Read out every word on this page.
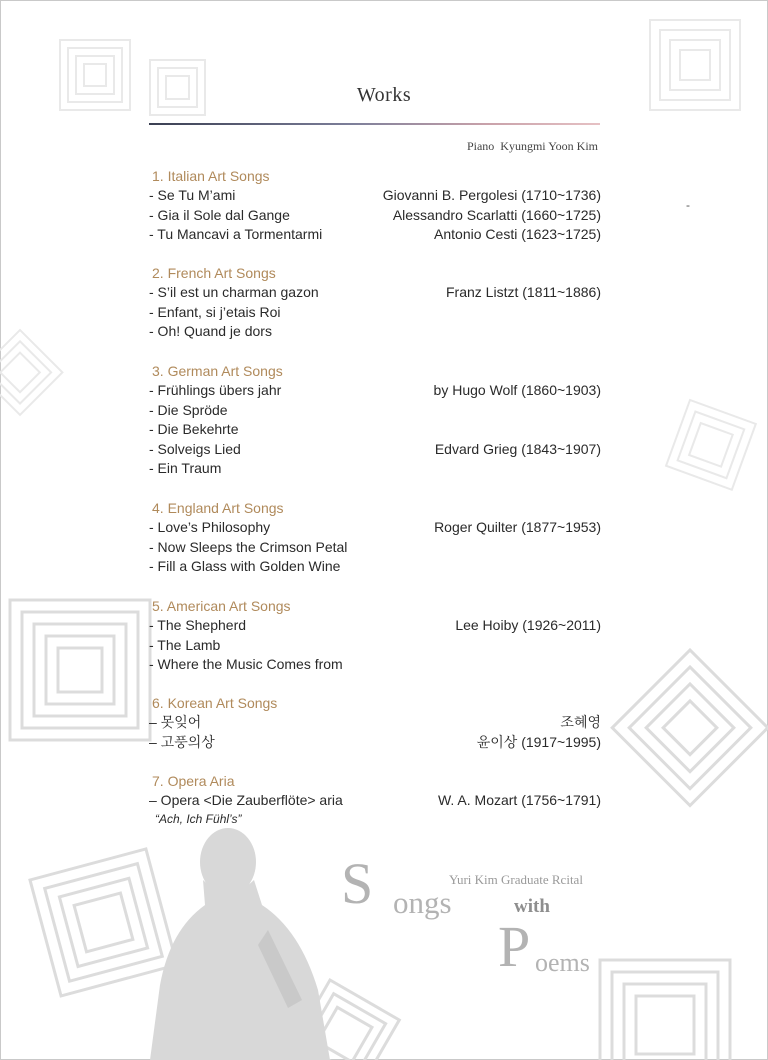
Works
Piano  Kyungmi Yoon Kim
-
1. Italian Art Songs
- Se Tu M’ami	Giovanni B. Pergolesi (1710~1736)
- Gia il Sole dal Gange	Alessandro Scarlatti (1660~1725)
- Tu Mancavi a Tormentarmi	Antonio Cesti (1623~1725)
2. French Art Songs
- S’il est un charman gazon	Franz Listzt (1811~1886)
- Enfant, si j’etais Roi
- Oh! Quand je dors
3. German Art Songs
- Frühlings übers jahr	by Hugo Wolf (1860~1903)
- Die Spröde
- Die Bekehrte
- Solveigs Lied	Edvard Grieg (1843~1907)
- Ein Traum
4. England Art Songs
- Love’s Philosophy	Roger Quilter (1877~1953)
- Now Sleeps the Crimson Petal
- Fill a Glass with Golden Wine
5. American Art Songs
- The Shepherd	Lee Hoiby (1926~2011)
- The Lamb
- Where the Music Comes from
6. Korean Art Songs
– 못잊어	조혜영
– 고풍의상	윤이상 (1917~1995)
7. Opera Aria
– Opera <Die Zauberflöte> aria	W. A. Mozart (1756~1791)
“Ach, Ich Fühl’s”
Yuri Kim Graduate Rcital
S ongs	with
P oems
